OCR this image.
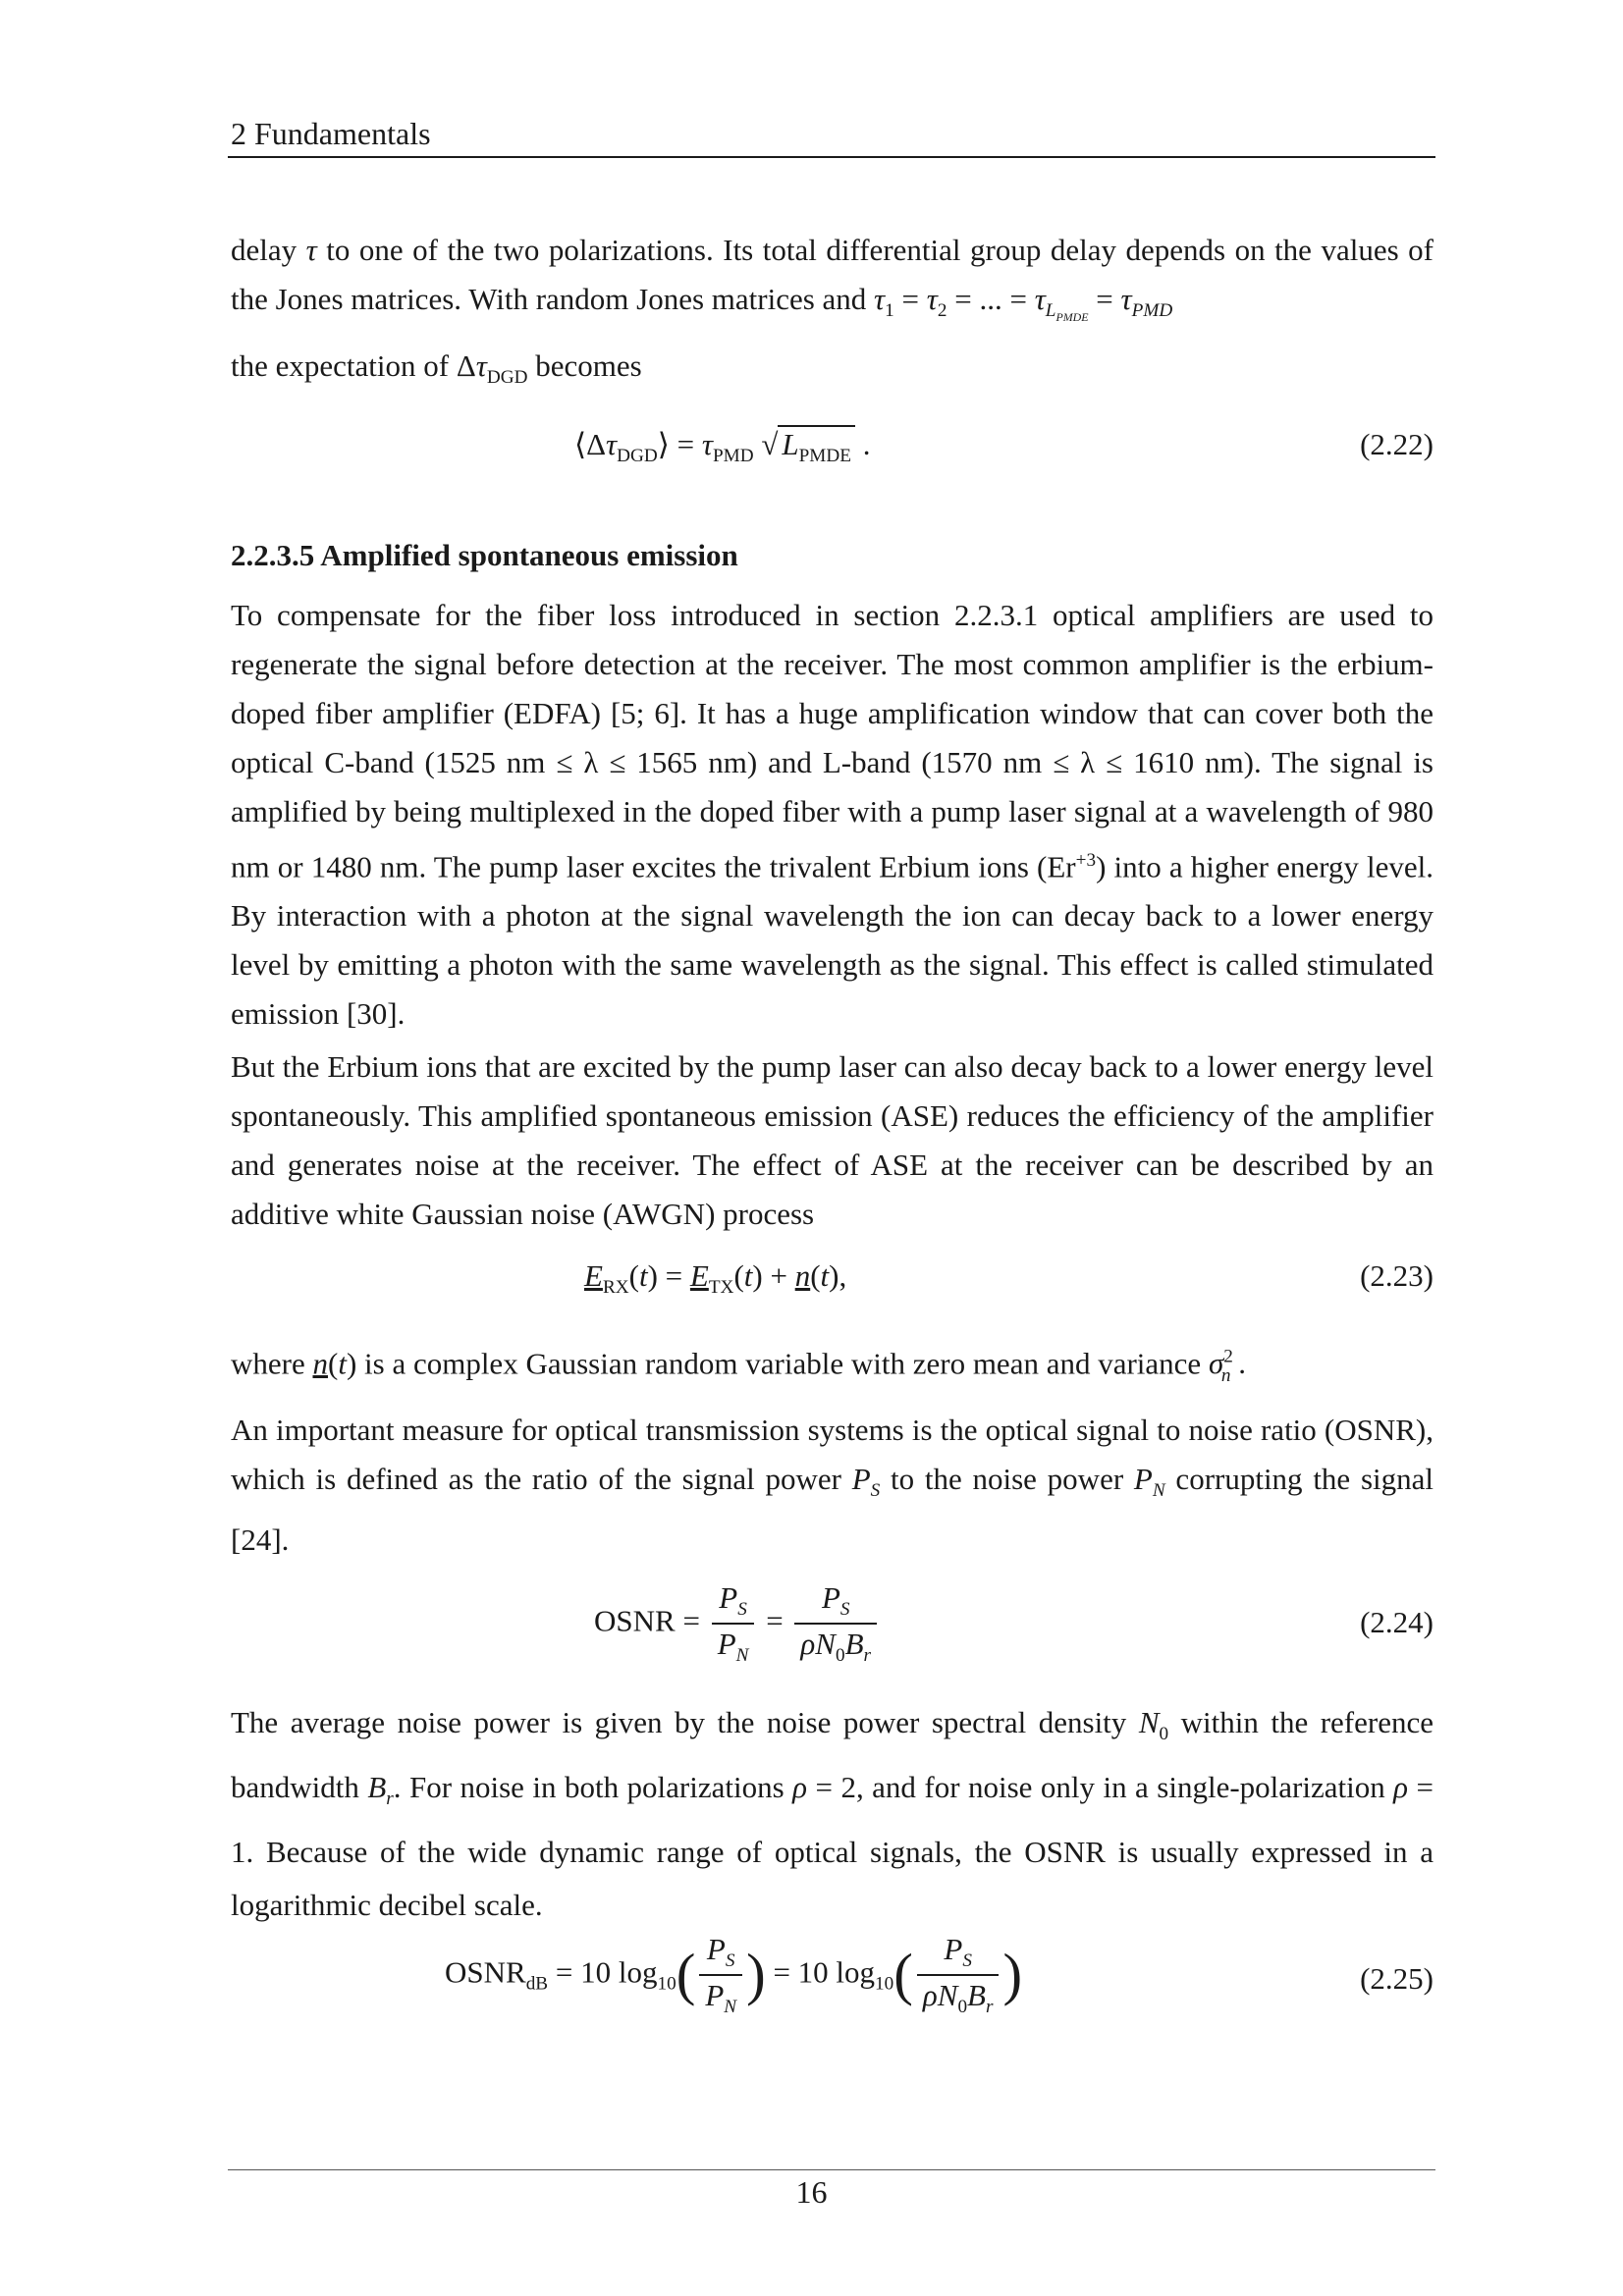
2 Fundamentals
delay τ to one of the two polarizations. Its total differential group delay depends on the values of the Jones matrices. With random Jones matrices and $\tau_1 = \tau_2$ = ... = $\tau_{L_{PMDE}} = \tau_{PMD}$
the expectation of $\Delta\tau_{DGD}$ becomes
$⟨\Delta\tau_{DGD}⟩ = \tau_{PMD}$ √ $L_{PMDE}$ .	(2.22)
2.2.3.5 Amplified spontaneous emission
To compensate for the fiber loss introduced in section 2.2.3.1 optical amplifiers are used to regenerate the signal before detection at the receiver. The most common amplifier is the erbium-doped fiber amplifier (EDFA) [5; 6]. It has a huge amplification window that can cover both the optical C-band (1525 nm ≤ λ ≤ 1565 nm) and L-band (1570 nm ≤ λ ≤ 1610 nm). The signal is amplified by being multiplexed in the doped fiber with a pump laser signal at a wavelength of 980 nm or 1480 nm. The pump laser excites the trivalent Erbium ions $(Er^{+3})$ into a higher energy level. By interaction with a photon at the signal wavelength the ion can decay back to a lower energy level by emitting a photon with the same wavelength as the signal. This effect is called stimulated emission [30].
But the Erbium ions that are excited by the pump laser can also decay back to a lower energy level spontaneously. This amplified spontaneous emission (ASE) reduces the efficiency of the amplifier and generates noise at the receiver. The effect of ASE at the receiver can be described by an additive white Gaussian noise (AWGN) process
$E_{RX}(t) = E_{TX}(t) + n(t)$,	(2.23)
where n(t) is a complex Gaussian random variable with zero mean and variance $\sigma^2_n$ .
An important measure for optical transmission systems is the optical signal to noise ratio (OSNR), which is defined as the ratio of the signal power $P_S$ to the noise power $P_N$ corrupting the signal [24].
OSNR = $\frac{P_S}{P_N} = \frac{P_S}{\rho N_0B_r}$	(2.24)
The average noise power is given by the noise power spectral density $N_0$ within the reference bandwidth $B_r$. For noise in both polarizations ρ = 2, and for noise only in a single-polarization ρ = 1. Because of the wide dynamic range of optical signals, the OSNR is usually expressed in a logarithmic decibel scale.
$OSNR_{dB} = 10$ $\log_{10}( \frac{P_S}{P_N}$ ) = 10 $\log_{10}( \frac{P_S}{\rho N_0B_r}$ )	(2.25)
16
